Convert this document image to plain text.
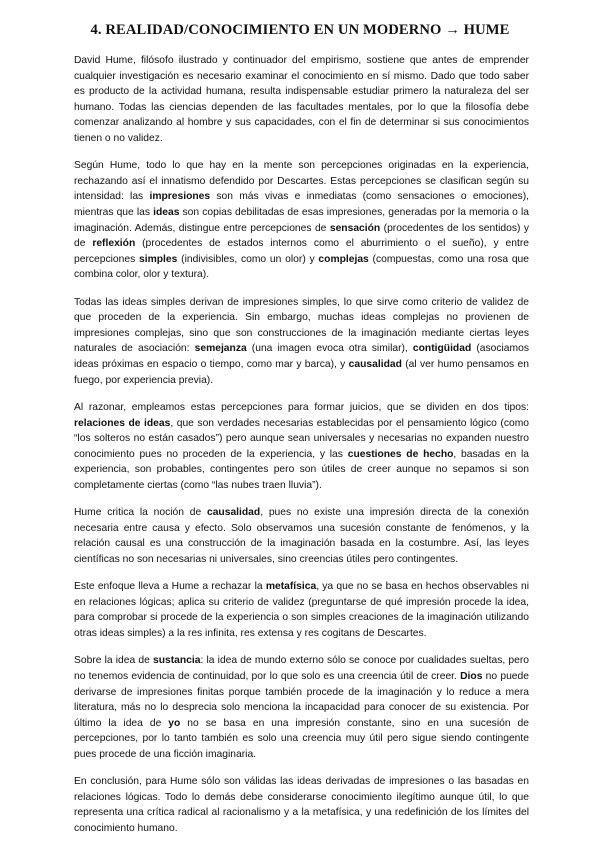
4. REALIDAD/CONOCIMIENTO EN UN MODERNO → HUME

David Hume, filósofo ilustrado y continuador del empirismo, sostiene que antes de emprender cualquier investigación es necesario examinar el conocimiento en sí mismo. Dado que todo saber es producto de la actividad humana, resulta indispensable estudiar primero la naturaleza del ser humano. Todas las ciencias dependen de las facultades mentales, por lo que la filosofía debe comenzar analizando al hombre y sus capacidades, con el fin de determinar si sus conocimientos tienen o no validez.

Según Hume, todo lo que hay en la mente son percepciones originadas en la experiencia, rechazando así el innatismo defendido por Descartes. Estas percepciones se clasifican según su intensidad: las impresiones son más vivas e inmediatas (como sensaciones o emociones), mientras que las ideas son copias debilitadas de esas impresiones, generadas por la memoria o la imaginación. Además, distingue entre percepciones de sensación (procedentes de los sentidos) y de reflexión (procedentes de estados internos como el aburrimiento o el sueño), y entre percepciones simples (indivisibles, como un olor) y complejas (compuestas, como una rosa que combina color, olor y textura).

Todas las ideas simples derivan de impresiones simples, lo que sirve como criterio de validez de que proceden de la experiencia. Sin embargo, muchas ideas complejas no provienen de impresiones complejas, sino que son construcciones de la imaginación mediante ciertas leyes naturales de asociación: semejanza (una imagen evoca otra similar), contigüidad (asociamos ideas próximas en espacio o tiempo, como mar y barca), y causalidad (al ver humo pensamos en fuego, por experiencia previa).

Al razonar, empleamos estas percepciones para formar juicios, que se dividen en dos tipos: relaciones de ideas, que son verdades necesarias establecidas por el pensamiento lógico (como “los solteros no están casados”) pero aunque sean universales y necesarias no expanden nuestro conocimiento pues no proceden de la experiencia, y las cuestiones de hecho, basadas en la experiencia, son probables, contingentes pero son útiles de creer aunque no sepamos si son completamente ciertas (como “las nubes traen lluvia”).

Hume critica la noción de causalidad, pues no existe una impresión directa de la conexión necesaria entre causa y efecto. Solo observamos una sucesión constante de fenómenos, y la relación causal es una construcción de la imaginación basada en la costumbre. Así, las leyes científicas no son necesarias ni universales, sino creencias útiles pero contingentes.

Este enfoque lleva a Hume a rechazar la metafísica, ya que no se basa en hechos observables ni en relaciones lógicas; aplica su criterio de validez (preguntarse de qué impresión procede la idea, para comprobar si procede de la experiencia o son simples creaciones de la imaginación utilizando otras ideas simples) a la res infinita, res extensa y res cogitans de Descartes.

Sobre la idea de sustancia: la idea de mundo externo sólo se conoce por cualidades sueltas, pero no tenemos evidencia de continuidad, por lo que solo es una creencia útil de creer. Dios no puede derivarse de impresiones finitas porque también procede de la imaginación y lo reduce a mera literatura, más no lo desprecia solo menciona la incapacidad para conocer de su existencia. Por último la idea de yo no se basa en una impresión constante, sino en una sucesión de percepciones, por lo tanto también es solo una creencia muy útil pero sigue siendo contingente pues procede de una ficción imaginaria.

En conclusión, para Hume sólo son válidas las ideas derivadas de impresiones o las basadas en relaciones lógicas. Todo lo demás debe considerarse conocimiento ilegítimo aunque útil, lo que representa una crítica radical al racionalismo y a la metafísica, y una redefinición de los límites del conocimiento humano.
